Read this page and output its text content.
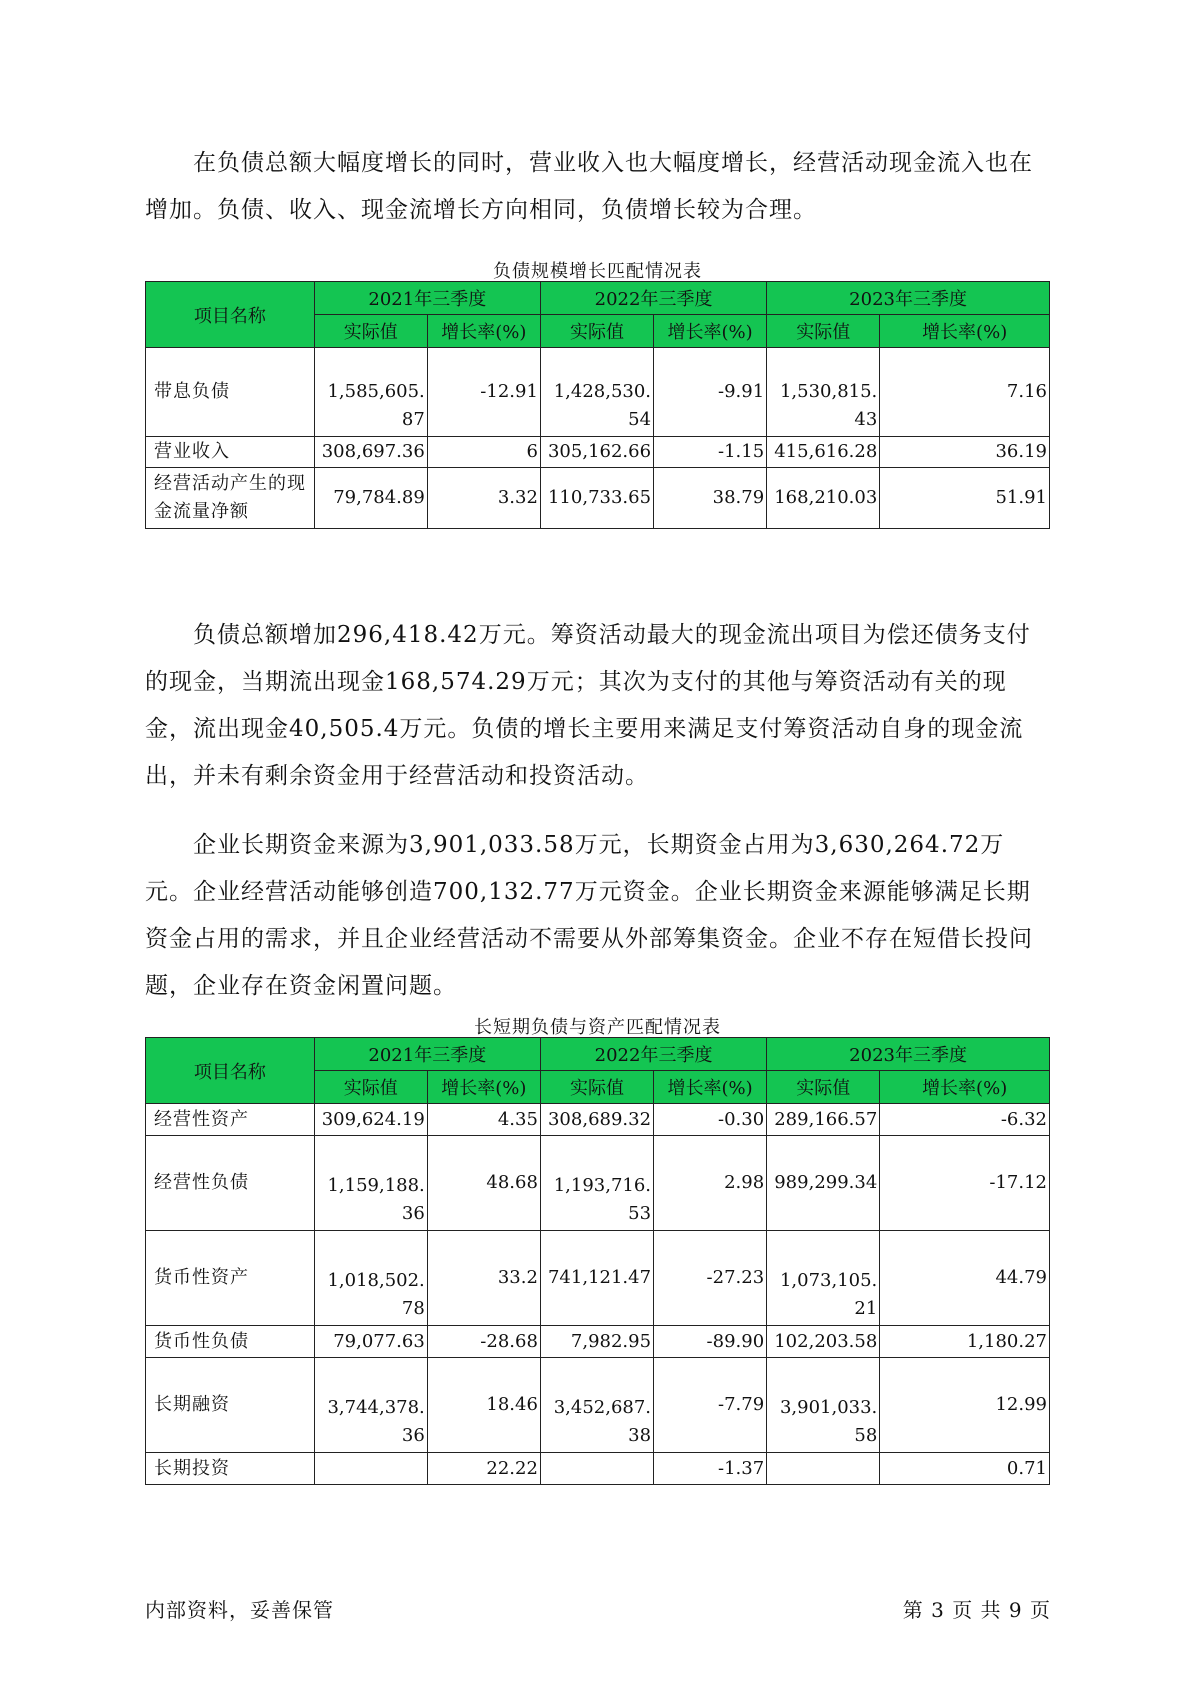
在负债总额大幅度增长的同时，营业收入也大幅度增长，经营活动现金流入也在增加。负债、收入、现金流增长方向相同，负债增长较为合理。

负债规模增长匹配情况表
项目名称	2021年三季度		2022年三季度		2023年三季度	
	实际值	增长率(%)	实际值	增长率(%)	实际值	增长率(%)
带息负债	1,585,605.87	-12.91	1,428,530.54	-9.91	1,530,815.43	7.16
营业收入	308,697.36	6	305,162.66	-1.15	415,616.28	36.19
经营活动产生的现金流量净额	79,784.89	3.32	110,733.65	38.79	168,210.03	51.91

负债总额增加296,418.42万元。筹资活动最大的现金流出项目为偿还债务支付的现金，当期流出现金168,574.29万元；其次为支付的其他与筹资活动有关的现金，流出现金40,505.4万元。负债的增长主要用来满足支付筹资活动自身的现金流出，并未有剩余资金用于经营活动和投资活动。

企业长期资金来源为3,901,033.58万元，长期资金占用为3,630,264.72万元。企业经营活动能够创造700,132.77万元资金。企业长期资金来源能够满足长期资金占用的需求，并且企业经营活动不需要从外部筹集资金。企业不存在短借长投问题，企业存在资金闲置问题。

长短期负债与资产匹配情况表
项目名称	2021年三季度		2022年三季度		2023年三季度	
	实际值	增长率(%)	实际值	增长率(%)	实际值	增长率(%)
经营性资产	309,624.19	4.35	308,689.32	-0.30	289,166.57	-6.32
经营性负债	1,159,188.36	48.68	1,193,716.53	2.98	989,299.34	-17.12
货币性资产	1,018,502.78	33.2	741,121.47	-27.23	1,073,105.21	44.79
货币性负债	79,077.63	-28.68	7,982.95	-89.90	102,203.58	1,180.27
长期融资	3,744,378.36	18.46	3,452,687.38	-7.79	3,901,033.58	12.99
长期投资		22.22		-1.37		0.71
内部资料，妥善保管	第 3 页 共 9 页
